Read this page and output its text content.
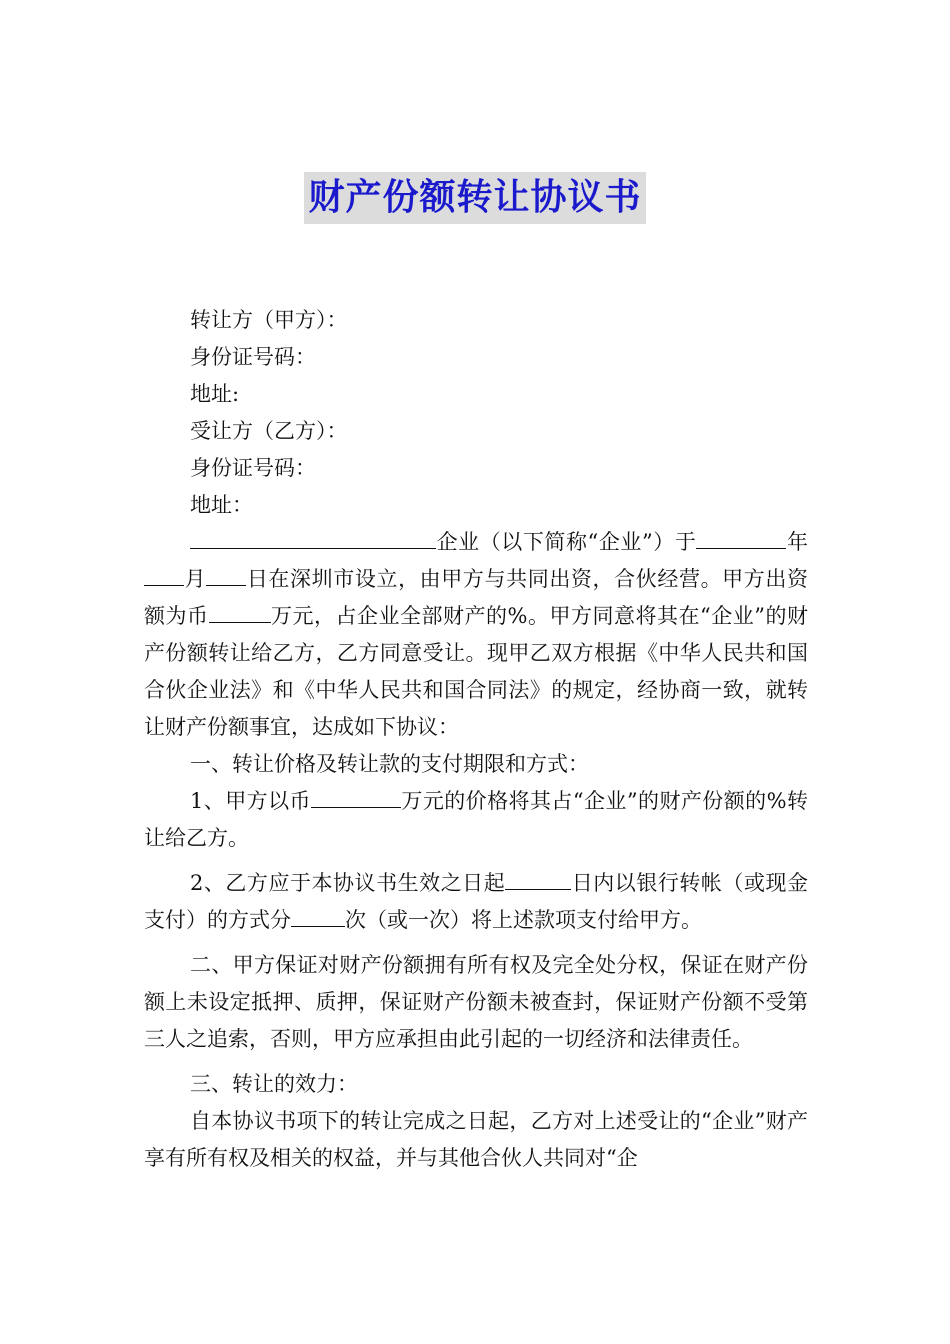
财产份额转让协议书

转让方（甲方）：

身份证号码：

地址:

受让方（乙方）：

身份证号码：

地址：

企业（以下简称“企业”）于	年月 日在深圳市设立，由甲方与共同出资，合伙经营。甲方出资额为币	万元，占企业全部财产的%。甲方同意将其在“企业”的财产份额转让给乙方，乙方同意受让。现甲乙双方根据《中华人民共和国合伙企业法》和《中华人民共和国合同法》的规定，经协商一致，就转让财产份额事宜，达成如下协议：

一、转让价格及转让款的支付期限和方式：

1、甲方以币	万元的价格将其占“企业”的财产份额的%转让给乙方。

2、乙方应于本协议书生效之日起	日内以银行转帐（或现金支付）的方式分	次（或一次）将上述款项支付给甲方。

二、甲方保证对财产份额拥有所有权及完全处分权，保证在财产份额上未设定抵押、质押，保证财产份额未被查封，保证财产份额不受第三人之追索，否则，甲方应承担由此引起的一切经济和法律责任。

三、转让的效力：

自本协议书项下的转让完成之日起，乙方对上述受让的“企业”财产享有所有权及相关的权益，并与其他合伙人共同对“企
